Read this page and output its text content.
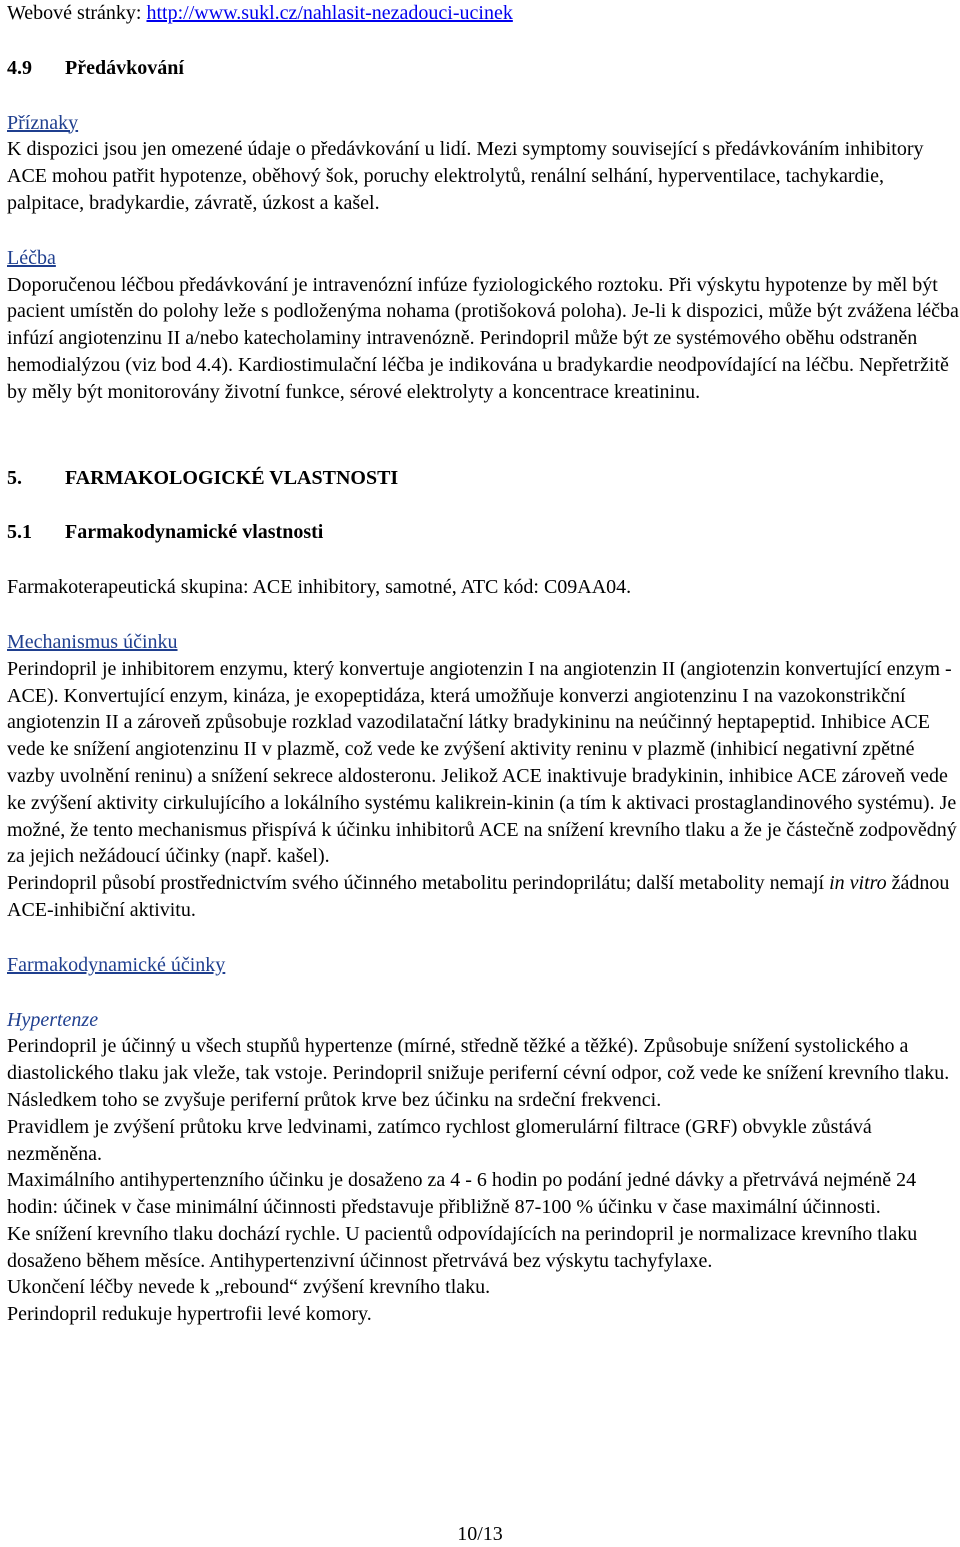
Webové stránky: http://www.sukl.cz/nahlasit-nezadouci-ucinek

4.9 Předávkování

Příznaky

K dispozici jsou jen omezené údaje o předávkování u lidí. Mezi symptomy související s předávkováním inhibitory ACE mohou patřit hypotenze, oběhový šok, poruchy elektrolytů, renální selhání, hyperventilace, tachykardie, palpitace, bradykardie, závratě, úzkost a kašel.

Léčba

Doporučenou léčbou předávkování je intravenózní infúze fyziologického roztoku. Při výskytu hypotenze by měl být pacient umístěn do polohy leže s podloženýma nohama (protišoková poloha). Je-li k dispozici, může být zvážena léčba infúzí angiotenzinu II a/nebo katecholaminy intravenózně. Perindopril může být ze systémového oběhu odstraněn hemodialýzou (viz bod 4.4). Kardiostimulační léčba je indikována u bradykardie neodpovídající na léčbu. Nepřetržitě by měly být monitorovány životní funkce, sérové elektrolyty a koncentrace kreatininu.

5. FARMAKOLOGICKÉ VLASTNOSTI

5.1 Farmakodynamické vlastnosti

Farmakoterapeutická skupina: ACE inhibitory, samotné, ATC kód: C09AA04.

Mechanismus účinku

Perindopril je inhibitorem enzymu, který konvertuje angiotenzin I na angiotenzin II (angiotenzin konvertující enzym - ACE). Konvertující enzym, kináza, je exopeptidáza, která umožňuje konverzi angiotenzinu I na vazokonstrikční angiotenzin II a zároveň způsobuje rozklad vazodilatační látky bradykininu na neúčinný heptapeptid. Inhibice ACE vede ke snížení angiotenzinu II v plazmě, což vede ke zvýšení aktivity reninu v plazmě (inhibicí negativní zpětné vazby uvolnění reninu) a snížení sekrece aldosteronu. Jelikož ACE inaktivuje bradykinin, inhibice ACE zároveň vede ke zvýšení aktivity cirkulujícího a lokálního systému kalikrein-kinin (a tím k aktivaci prostaglandinového systému). Je možné, že tento mechanismus přispívá k účinku inhibitorů ACE na snížení krevního tlaku a že je částečně zodpovědný za jejich nežádoucí účinky (např. kašel).

Perindopril působí prostřednictvím svého účinného metabolitu perindoprilátu; další metabolity nemají in vitro žádnou ACE-inhibiční aktivitu.

Farmakodynamické účinky

Hypertenze

Perindopril je účinný u všech stupňů hypertenze (mírné, středně těžké a těžké). Způsobuje snížení systolického a diastolického tlaku jak vleže, tak vstoje. Perindopril snižuje periferní cévní odpor, což vede ke snížení krevního tlaku. Následkem toho se zvyšuje periferní průtok krve bez účinku na srdeční frekvenci.

Pravidlem je zvýšení průtoku krve ledvinami, zatímco rychlost glomerulární filtrace (GRF) obvykle zůstává nezměněna.

Maximálního antihypertenzního účinku je dosaženo za 4 - 6 hodin po podání jedné dávky a přetrvává nejméně 24 hodin: účinek v čase minimální účinnosti představuje přibližně 87-100 % účinku v čase maximální účinnosti.

Ke snížení krevního tlaku dochází rychle. U pacientů odpovídajících na perindopril je normalizace krevního tlaku dosaženo během měsíce. Antihypertenzivní účinnost přetrvává bez výskytu tachyfylaxe.

Ukončení léčby nevede k „rebound“ zvýšení krevního tlaku.

Perindopril redukuje hypertrofii levé komory.

10/13
